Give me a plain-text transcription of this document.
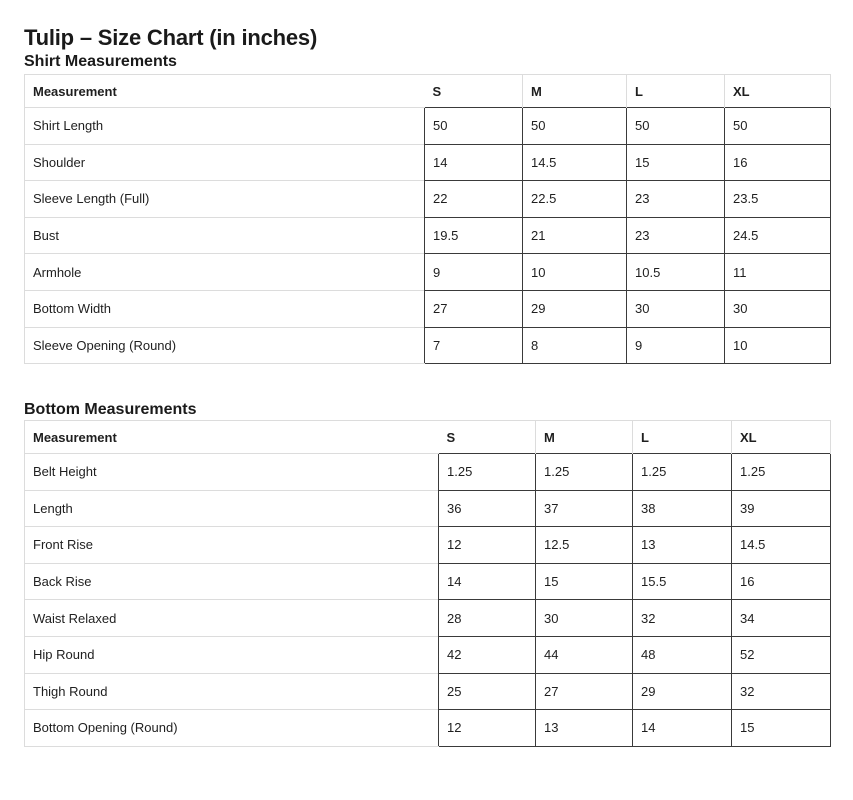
Tulip – Size Chart (in inches)
Shirt Measurements
Measurement	S	M	L	XL
Shirt Length	50	50	50	50
Shoulder	14	14.5	15	16
Sleeve Length (Full)	22	22.5	23	23.5
Bust	19.5	21	23	24.5
Armhole	9	10	10.5	11
Bottom Width	27	29	30	30
Sleeve Opening (Round)	7	8	9	10
Bottom Measurements
Measurement	S	M	L	XL
Belt Height	1.25	1.25	1.25	1.25
Length	36	37	38	39
Front Rise	12	12.5	13	14.5
Back Rise	14	15	15.5	16
Waist Relaxed	28	30	32	34
Hip Round	42	44	48	52
Thigh Round	25	27	29	32
Bottom Opening (Round)	12	13	14	15
